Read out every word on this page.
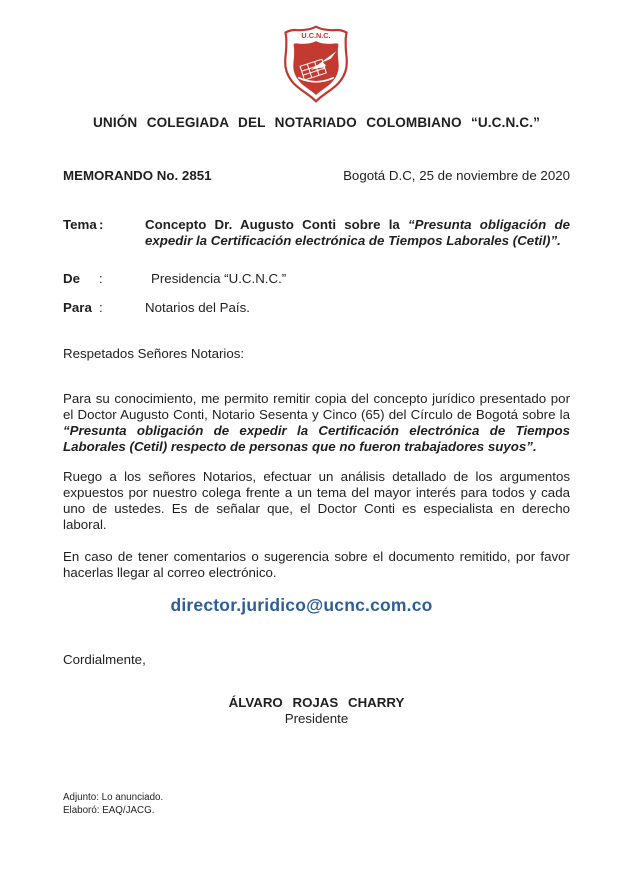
U.C.N.C.
UNIÓN COLEGIADA DEL NOTARIADO COLOMBIANO “U.C.N.C.”
MEMORANDO No. 2851	Bogotá D.C, 25 de noviembre de 2020
Tema :	Concepto Dr. Augusto Conti sobre la “Presunta obligación de expedir la Certificación electrónica de Tiempos Laborales (Cetil)”.
De	:	Presidencia “U.C.N.C.”
Para :	Notarios del País.
Respetados Señores Notarios:
Para su conocimiento, me permito remitir copia del concepto jurídico presentado por el Doctor Augusto Conti, Notario Sesenta y Cinco (65) del Círculo de Bogotá sobre la “Presunta obligación de expedir la Certificación electrónica de Tiempos Laborales (Cetil) respecto de personas que no fueron trabajadores suyos”.
Ruego a los señores Notarios, efectuar un análisis detallado de los argumentos expuestos por nuestro colega frente a un tema del mayor interés para todos y cada uno de ustedes. Es de señalar que, el Doctor Conti es especialista en derecho laboral.
En caso de tener comentarios o sugerencia sobre el documento remitido, por favor hacerlas llegar al correo electrónico.
director.juridico@ucnc.com.co
Cordialmente,
ÁLVARO ROJAS CHARRY
Presidente
Adjunto: Lo anunciado.
Elaboró: EAQ/JACG.
